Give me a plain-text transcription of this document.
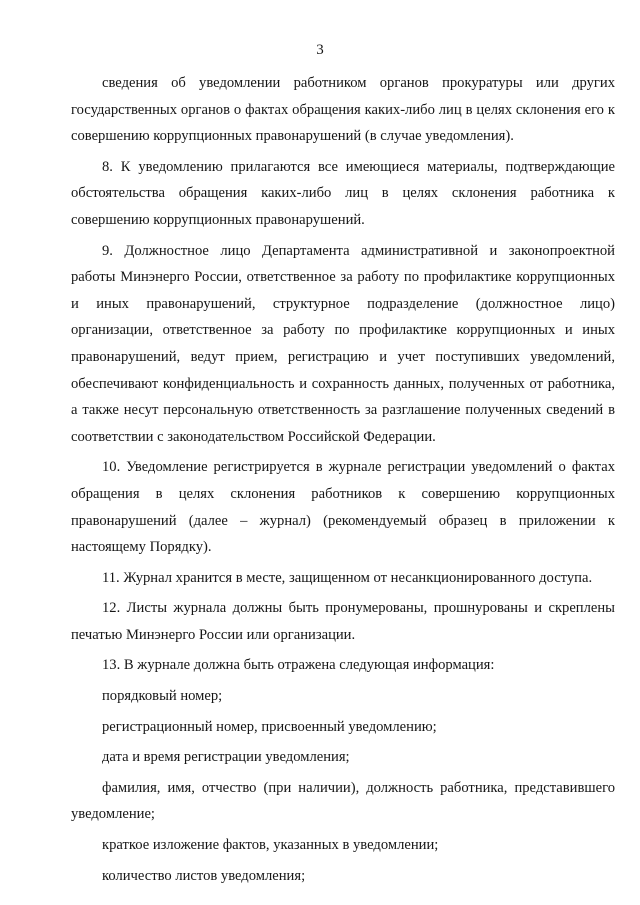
3

сведения об уведомлении работником органов прокуратуры или других государственных органов о фактах обращения каких-либо лиц в целях склонения его к совершению коррупционных правонарушений (в случае уведомления).

8. К уведомлению прилагаются все имеющиеся материалы, подтверждающие обстоятельства обращения каких-либо лиц в целях склонения работника к совершению коррупционных правонарушений.

9. Должностное лицо Департамента административной и законопроектной работы Минэнерго России, ответственное за работу по профилактике коррупционных и иных правонарушений, структурное подразделение (должностное лицо) организации, ответственное за работу по профилактике коррупционных и иных правонарушений, ведут прием, регистрацию и учет поступивших уведомлений, обеспечивают конфиденциальность и сохранность данных, полученных от работника, а также несут персональную ответственность за разглашение полученных сведений в соответствии с законодательством Российской Федерации.

10. Уведомление регистрируется в журнале регистрации уведомлений о фактах обращения в целях склонения работников к совершению коррупционных правонарушений (далее – журнал) (рекомендуемый образец в приложении к настоящему Порядку).

11. Журнал хранится в месте, защищенном от несанкционированного доступа.

12. Листы журнала должны быть пронумерованы, прошнурованы и скреплены печатью Минэнерго России или организации.

13. В журнале должна быть отражена следующая информация:

порядковый номер;

регистрационный номер, присвоенный уведомлению;

дата и время регистрации уведомления;

фамилия, имя, отчество (при наличии), должность работника, представившего уведомление;

краткое изложение фактов, указанных в уведомлении;

количество листов уведомления;
